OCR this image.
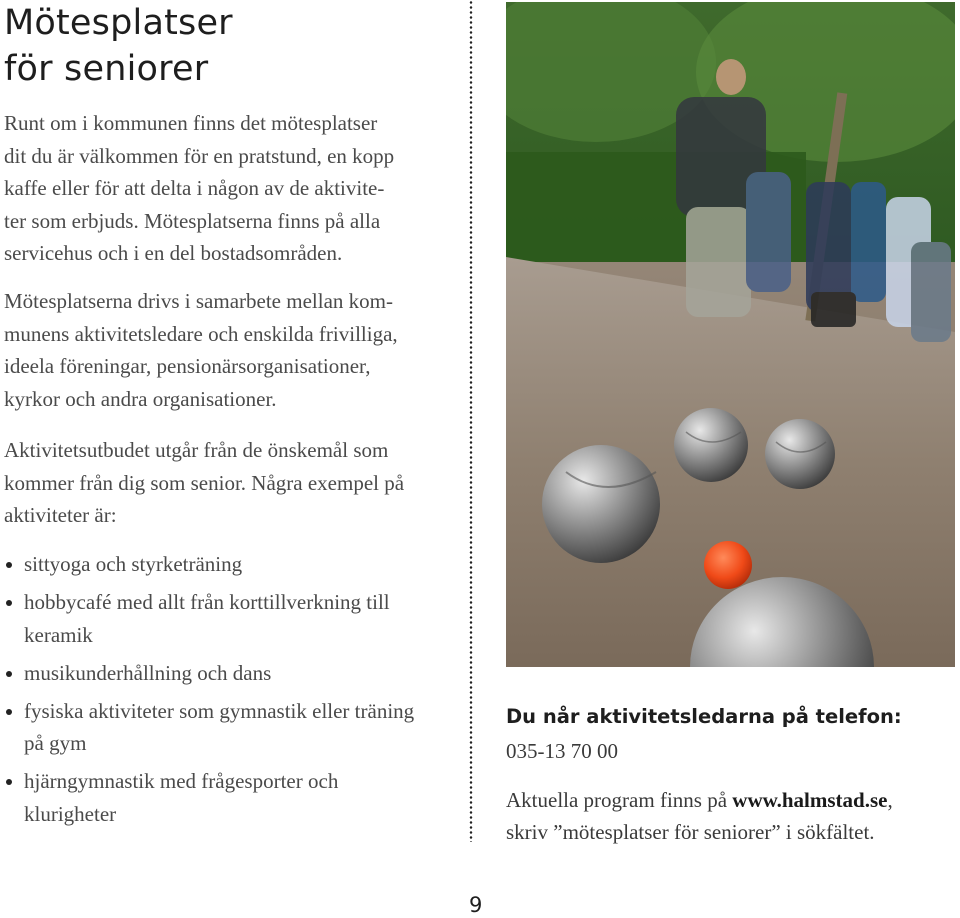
Mötesplatser
för seniorer
Runt om i kommunen finns det mötesplatser
dit du är välkommen för en pratstund, en kopp
kaffe eller för att delta i någon av de aktivite-
ter som erbjuds. Mötesplatserna finns på alla
servicehus och i en del bostadsområden.
Mötesplatserna drivs i samarbete mellan kom-
munens aktivitetsledare och enskilda frivilliga,
ideela föreningar, pensionärsorganisationer,
kyrkor och andra organisationer.
Aktivitetsutbudet utgår från de önskemål som
kommer från dig som senior. Några exempel på
aktiviteter är:
sittyoga och styrketräning
hobbycafé med allt från korttillverkning till
keramik
musikunderhållning och dans
fysiska aktiviteter som gymnastik eller träning
på gym
hjärngymnastik med frågesporter och
klurigheter
Du når aktivitetsledarna på telefon:
035-13 70 00
Aktuella program finns på www.halmstad.se,
skriv ”mötesplatser för seniorer” i sökfältet.
9
